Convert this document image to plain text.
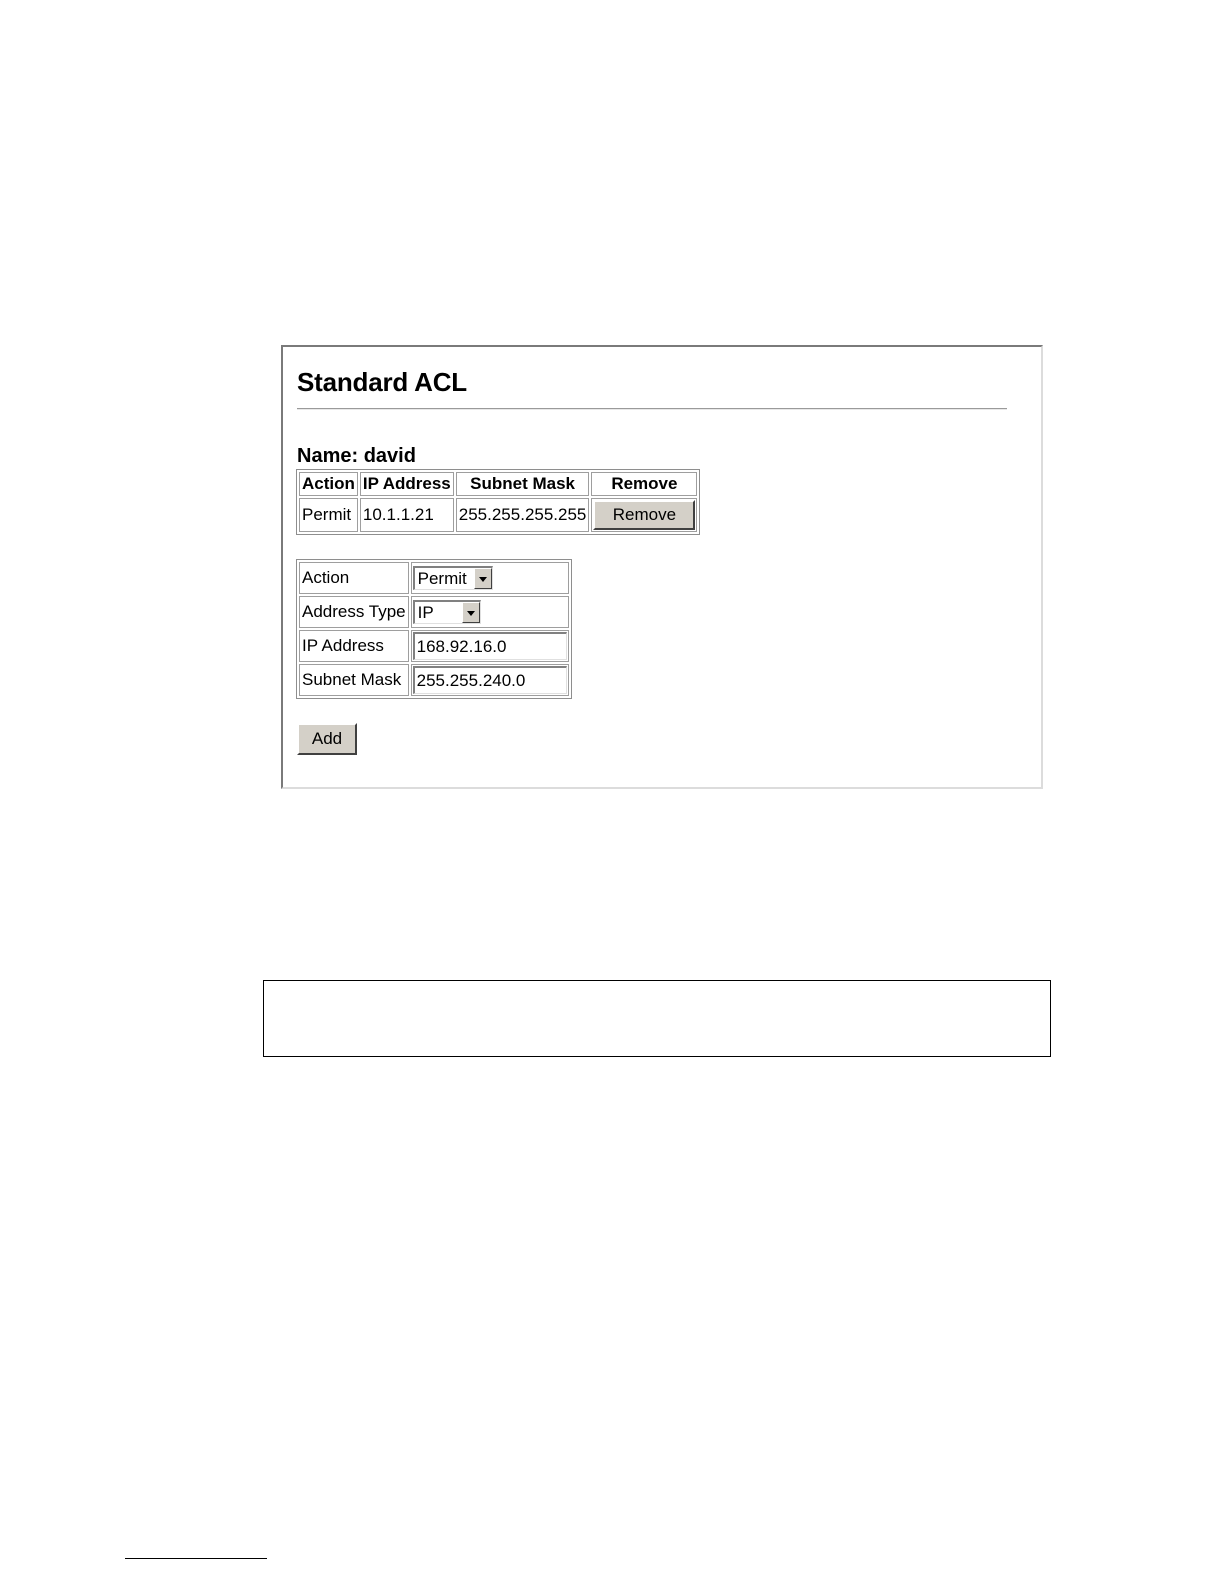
Standard ACL
Name: david
Action	IP Address	Subnet Mask	Remove
Permit	10.1.1.21	255.255.255.255	Remove
Action	Permit

Address Type	IP

IP Address	168.92.16.0
Subnet Mask	255.255.240.0
Add
